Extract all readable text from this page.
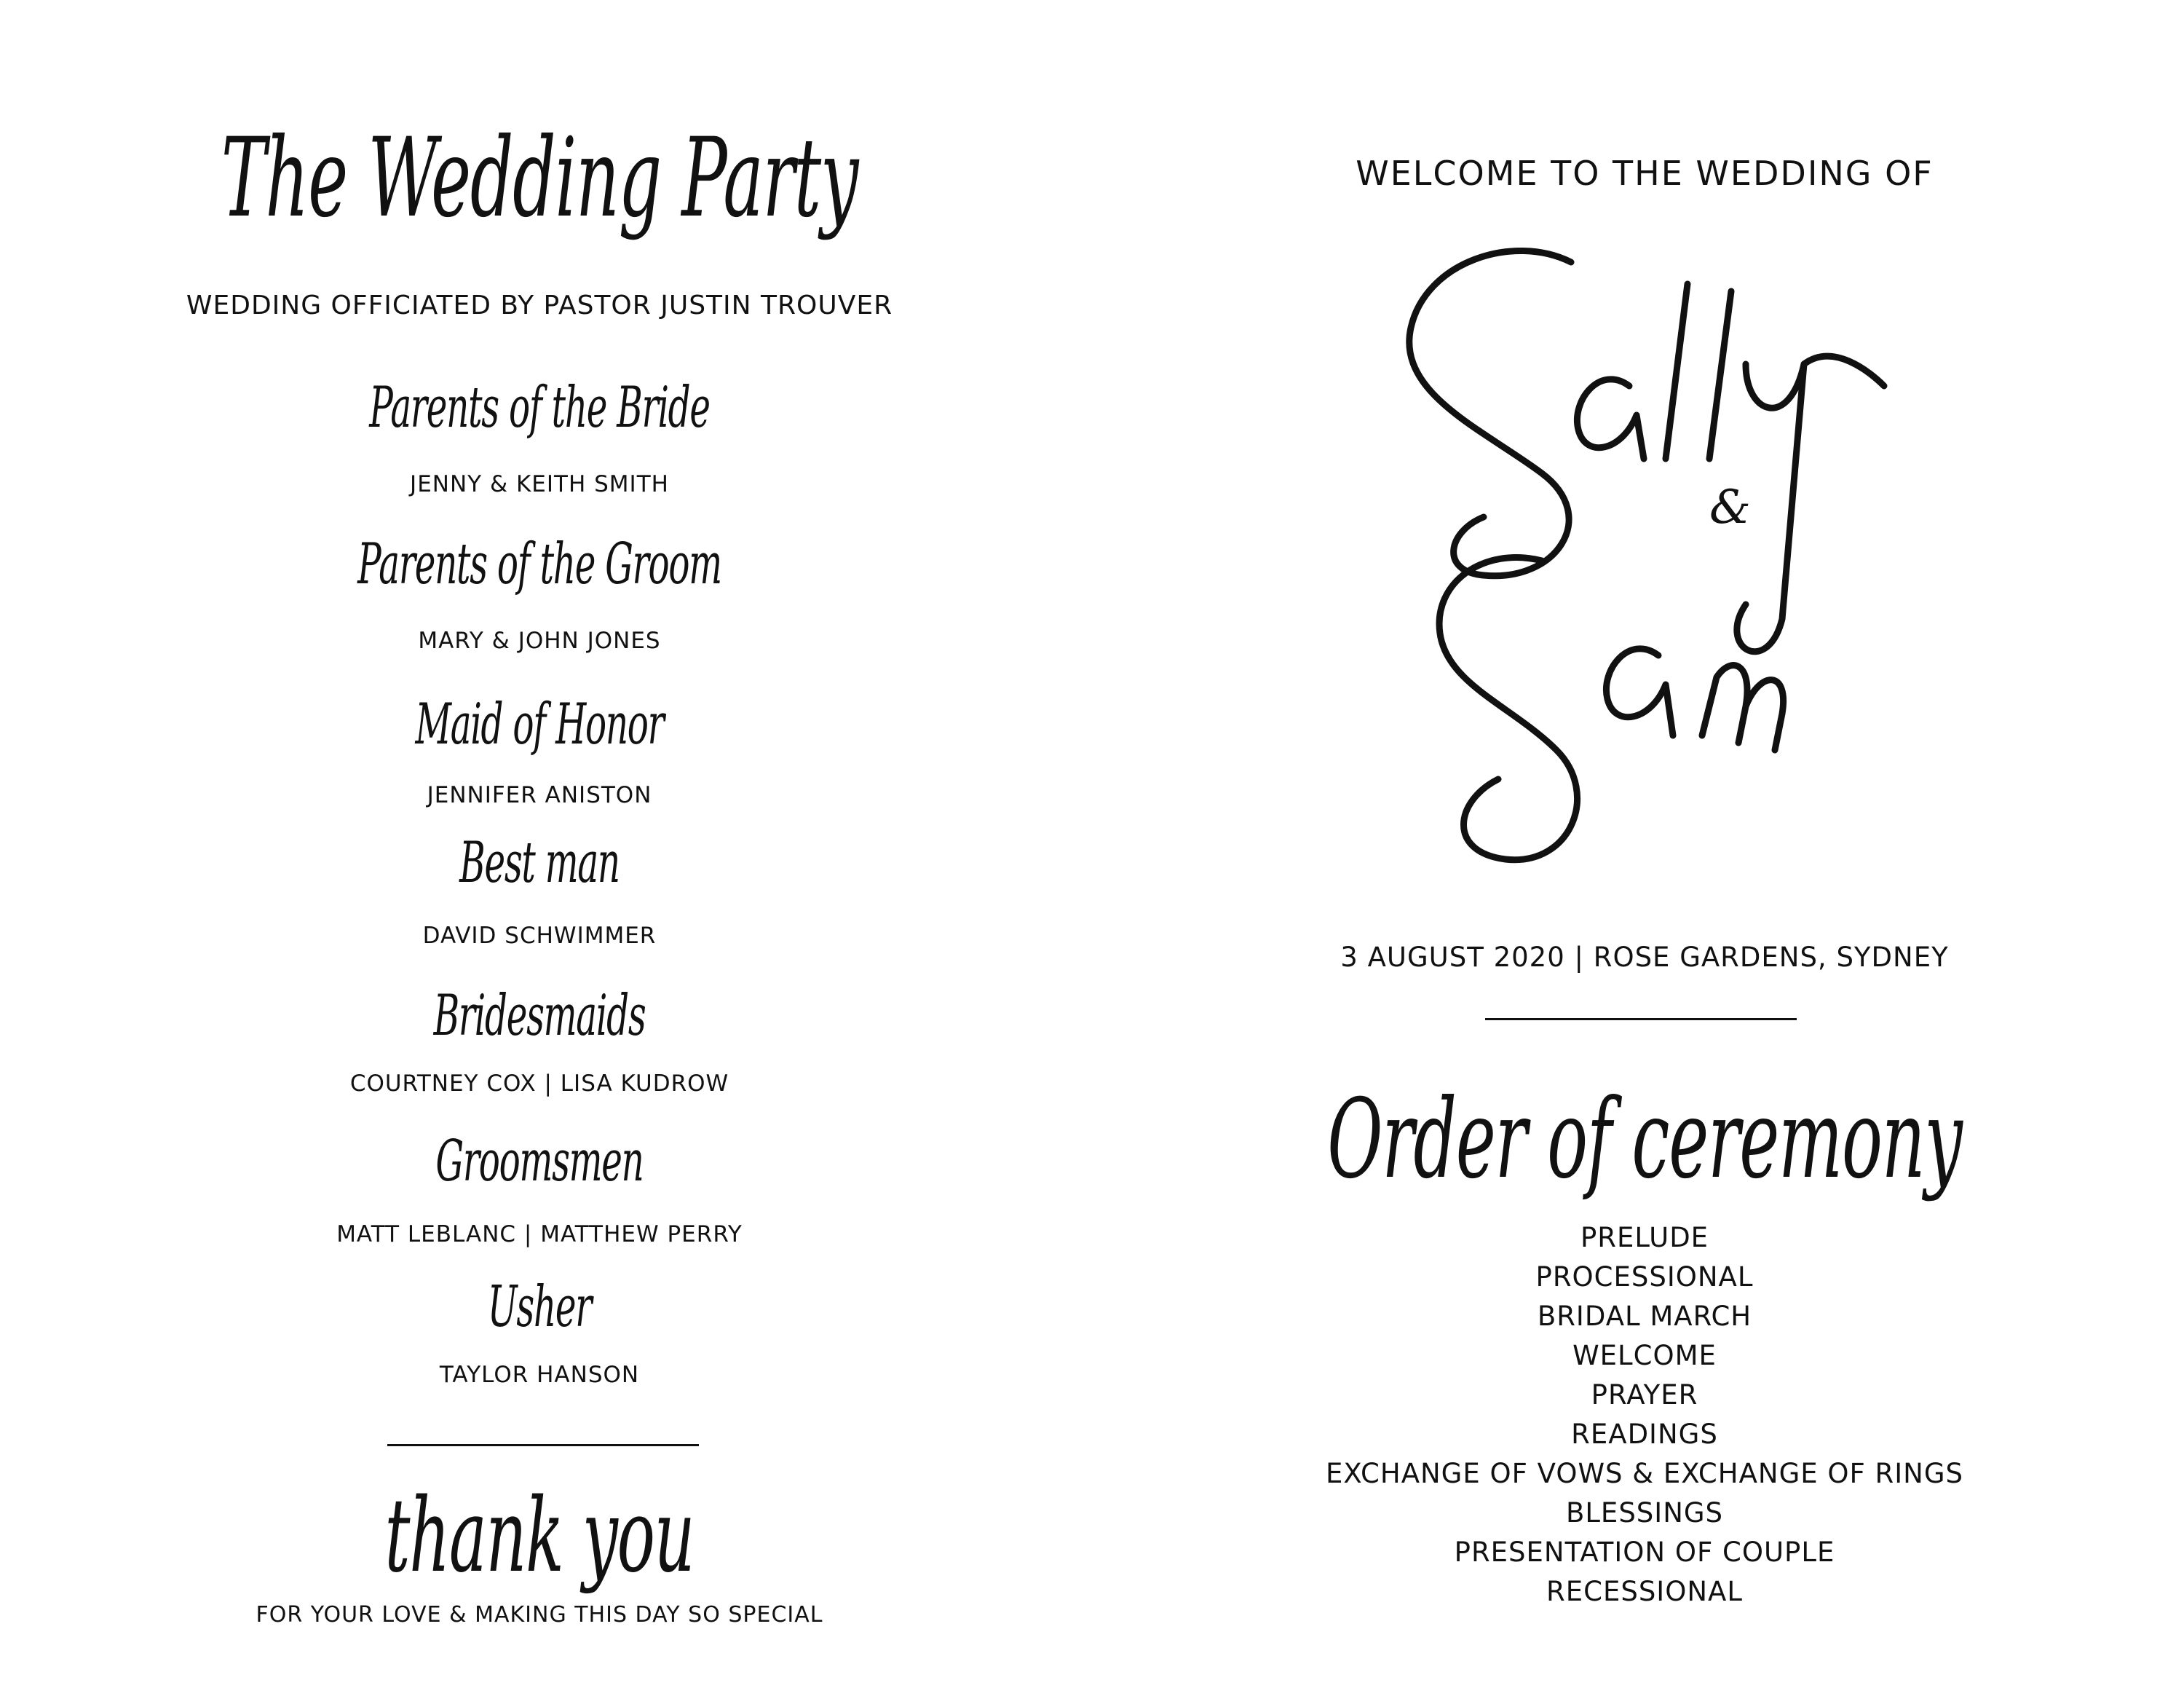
The Wedding Party
WEDDING OFFICIATED BY PASTOR JUSTIN TROUVER
Parents of the Bride
JENNY & KEITH SMITH
Parents of the Groom
MARY & JOHN JONES
Maid of Honor
JENNIFER ANISTON
Best man
DAVID SCHWIMMER
Bridesmaids
COURTNEY COX | LISA KUDROW
Groomsmen
MATT LEBLANC | MATTHEW PERRY
Usher
TAYLOR HANSON
thank you
FOR YOUR LOVE & MAKING THIS DAY SO SPECIAL
WELCOME TO THE WEDDING OF
&
3 AUGUST 2020 | ROSE GARDENS, SYDNEY
Order of ceremony
PRELUDE
PROCESSIONAL
BRIDAL MARCH
WELCOME
PRAYER
READINGS
EXCHANGE OF VOWS & EXCHANGE OF RINGS
BLESSINGS
PRESENTATION OF COUPLE
RECESSIONAL
